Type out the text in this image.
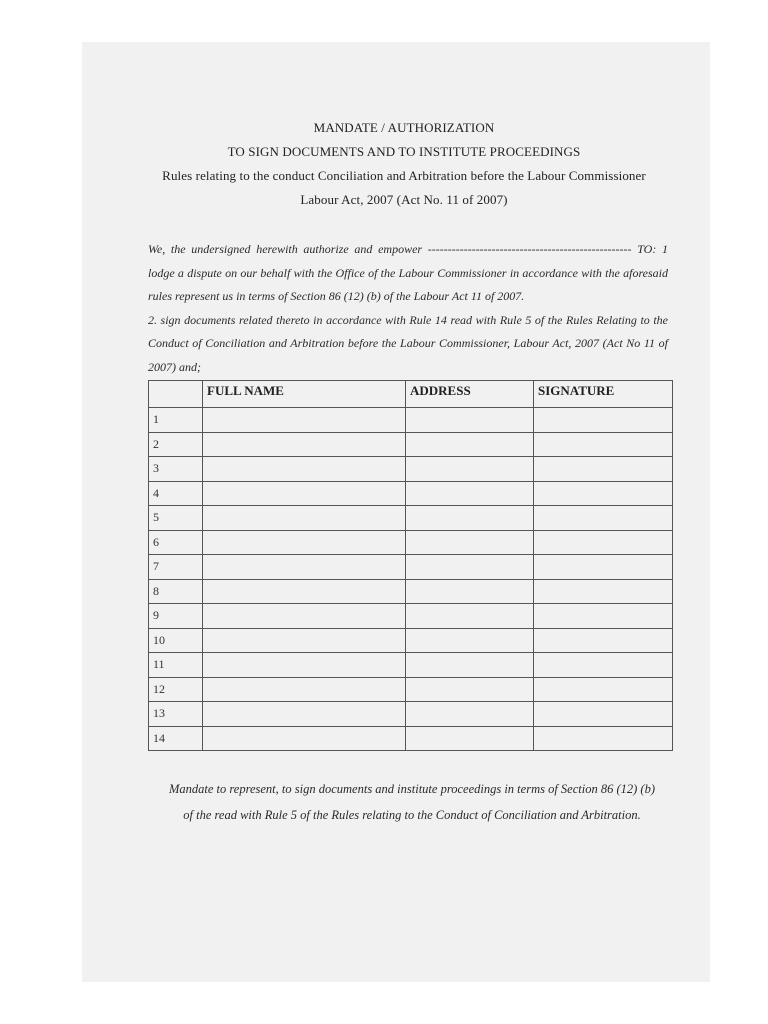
MANDATE / AUTHORIZATION
TO SIGN DOCUMENTS AND TO INSTITUTE PROCEEDINGS
Rules relating to the conduct Conciliation and Arbitration before the Labour Commissioner
Labour Act, 2007 (Act No. 11 of 2007)

We, the undersigned herewith authorize and empower --------------------------------------------------- TO: 1 lodge a dispute on our behalf with the Office of the Labour Commissioner in accordance with the aforesaid rules represent us in terms of Section 86 (12) (b) of the Labour Act 11 of 2007.

2. sign documents related thereto in accordance with Rule 14 read with Rule 5 of the Rules Relating to the Conduct of Conciliation and Arbitration before the Labour Commissioner, Labour Act, 2007 (Act No 11 of 2007) and;

	FULL NAME	ADDRESS	SIGNATURE
1			
2			
3			
4			
5			
6			
7			
8			
9			
10			
11			
12			
13			
14			
Mandate to represent, to sign documents and institute proceedings in terms of Section 86 (12) (b)
of the read with Rule 5 of the Rules relating to the Conduct of Conciliation and Arbitration.
